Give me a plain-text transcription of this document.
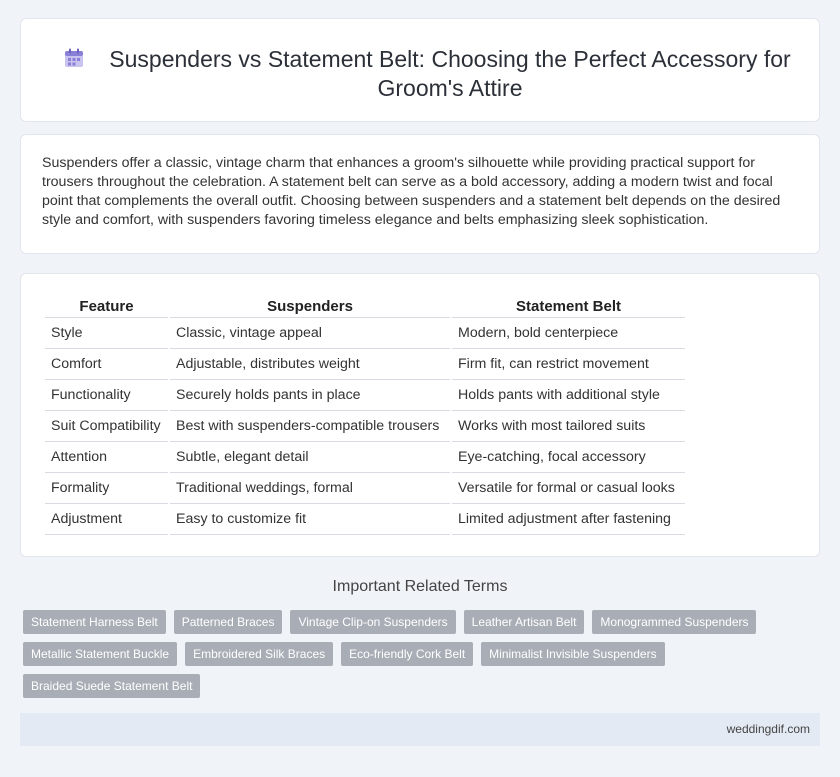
Suspenders vs Statement Belt: Choosing the Perfect Accessory for Groom's Attire

Suspenders offer a classic, vintage charm that enhances a groom's silhouette while providing practical support for trousers throughout the celebration. A statement belt can serve as a bold accessory, adding a modern twist and focal point that complements the overall outfit. Choosing between suspenders and a statement belt depends on the desired style and comfort, with suspenders favoring timeless elegance and belts emphasizing sleek sophistication.

Feature	Suspenders	Statement Belt
Style	Classic, vintage appeal	Modern, bold centerpiece
Comfort	Adjustable, distributes weight	Firm fit, can restrict movement
Functionality	Securely holds pants in place	Holds pants with additional style
Suit Compatibility	Best with suspenders-compatible trousers	Works with most tailored suits
Attention	Subtle, elegant detail	Eye-catching, focal accessory
Formality	Traditional weddings, formal	Versatile for formal or casual looks
Adjustment	Easy to customize fit	Limited adjustment after fastening
Important Related Terms
Statement Harness Belt	Patterned Braces	Vintage Clip-on Suspenders	Leather Artisan Belt	Monogrammed Suspenders
Metallic Statement Buckle	Embroidered Silk Braces	Eco-friendly Cork Belt	Minimalist Invisible Suspenders
Braided Suede Statement Belt
weddingdif.com
